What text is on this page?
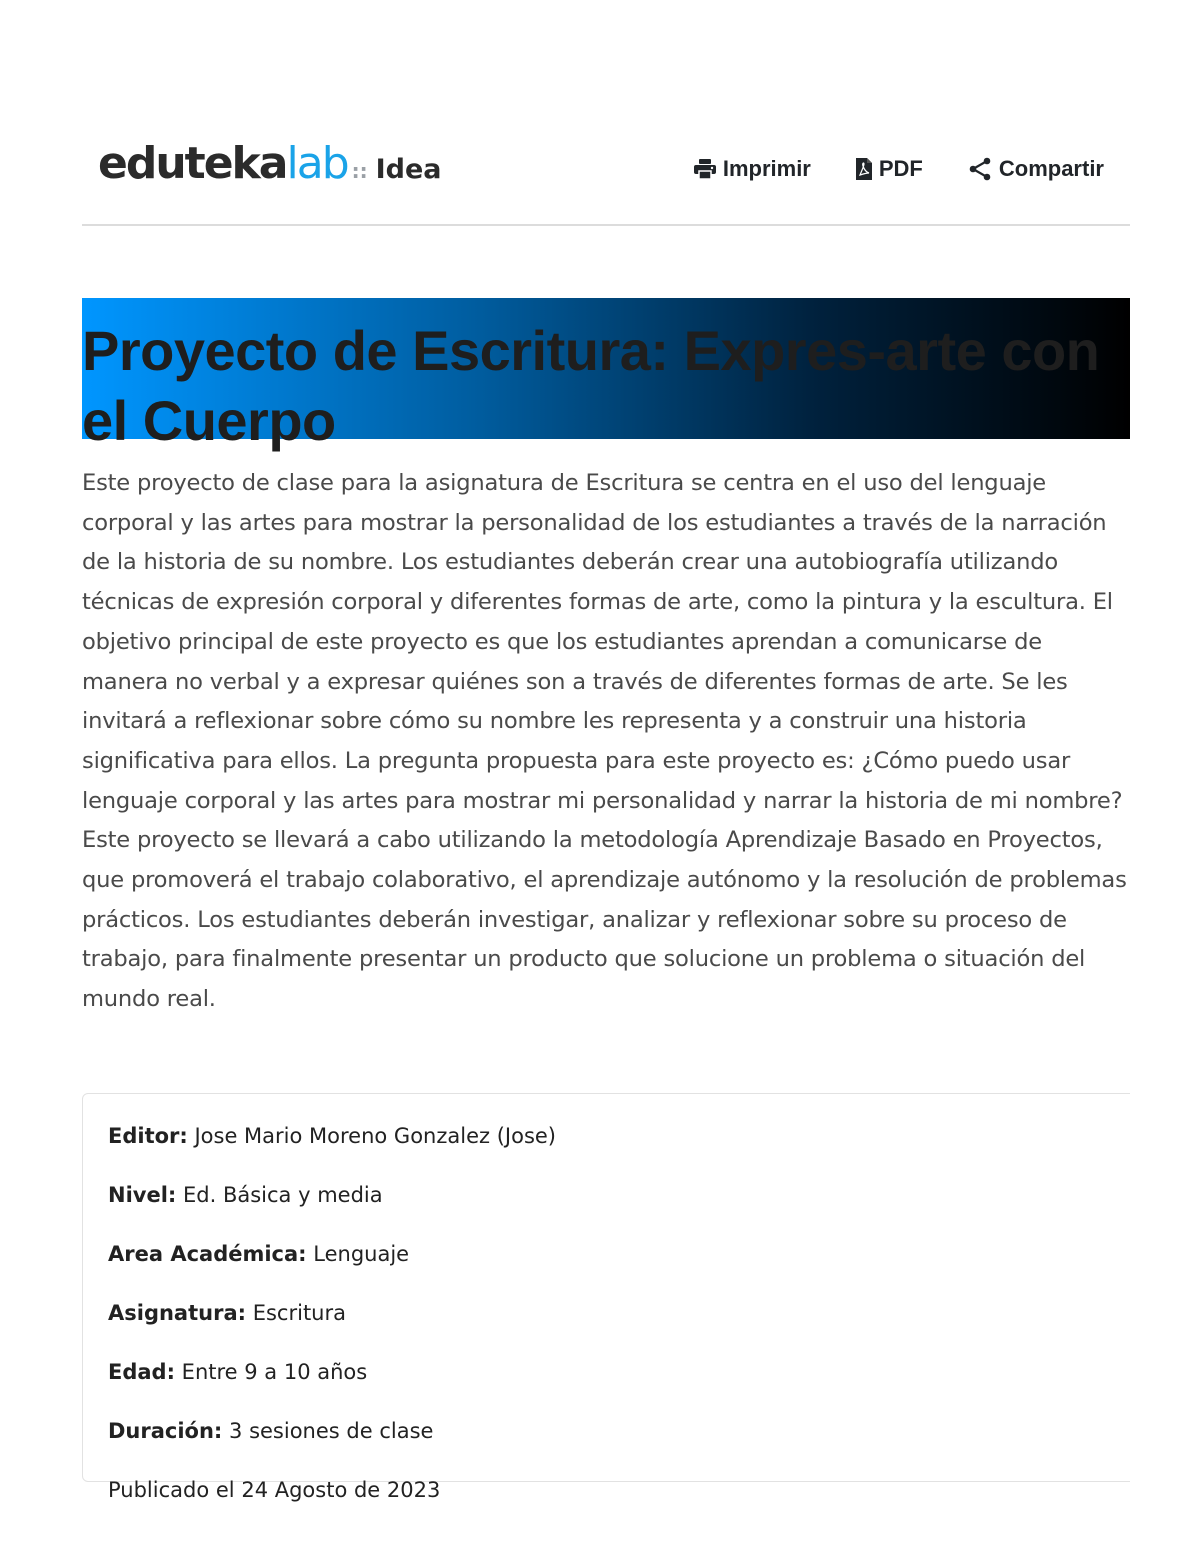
eduteka lab :: Idea	Imprimir	PDF	Compartir
Proyecto de Escritura: Expres-arte con
el Cuerpo

Este proyecto de clase para la asignatura de Escritura se centra en el uso del lenguaje corporal y las artes para mostrar la personalidad de los estudiantes a través de la narración de la historia de su nombre. Los estudiantes deberán crear una autobiografía utilizando técnicas de expresión corporal y diferentes formas de arte, como la pintura y la escultura. El objetivo principal de este proyecto es que los estudiantes aprendan a comunicarse de manera no verbal y a expresar quiénes son a través de diferentes formas de arte. Se les invitará a reflexionar sobre cómo su nombre les representa y a construir una historia significativa para ellos. La pregunta propuesta para este proyecto es: ¿Cómo puedo usar lenguaje corporal y las artes para mostrar mi personalidad y narrar la historia de mi nombre? Este proyecto se llevará a cabo utilizando la metodología Aprendizaje Basado en Proyectos, que promoverá el trabajo colaborativo, el aprendizaje autónomo y la resolución de problemas prácticos. Los estudiantes deberán investigar, analizar y reflexionar sobre su proceso de trabajo, para finalmente presentar un producto que solucione un problema o situación del mundo real.

Editor: Jose Mario Moreno Gonzalez (Jose)
Nivel: Ed. Básica y media
Area Académica: Lenguaje
Asignatura: Escritura
Edad: Entre 9 a 10 años
Duración: 3 sesiones de clase
Publicado el 24 Agosto de 2023
